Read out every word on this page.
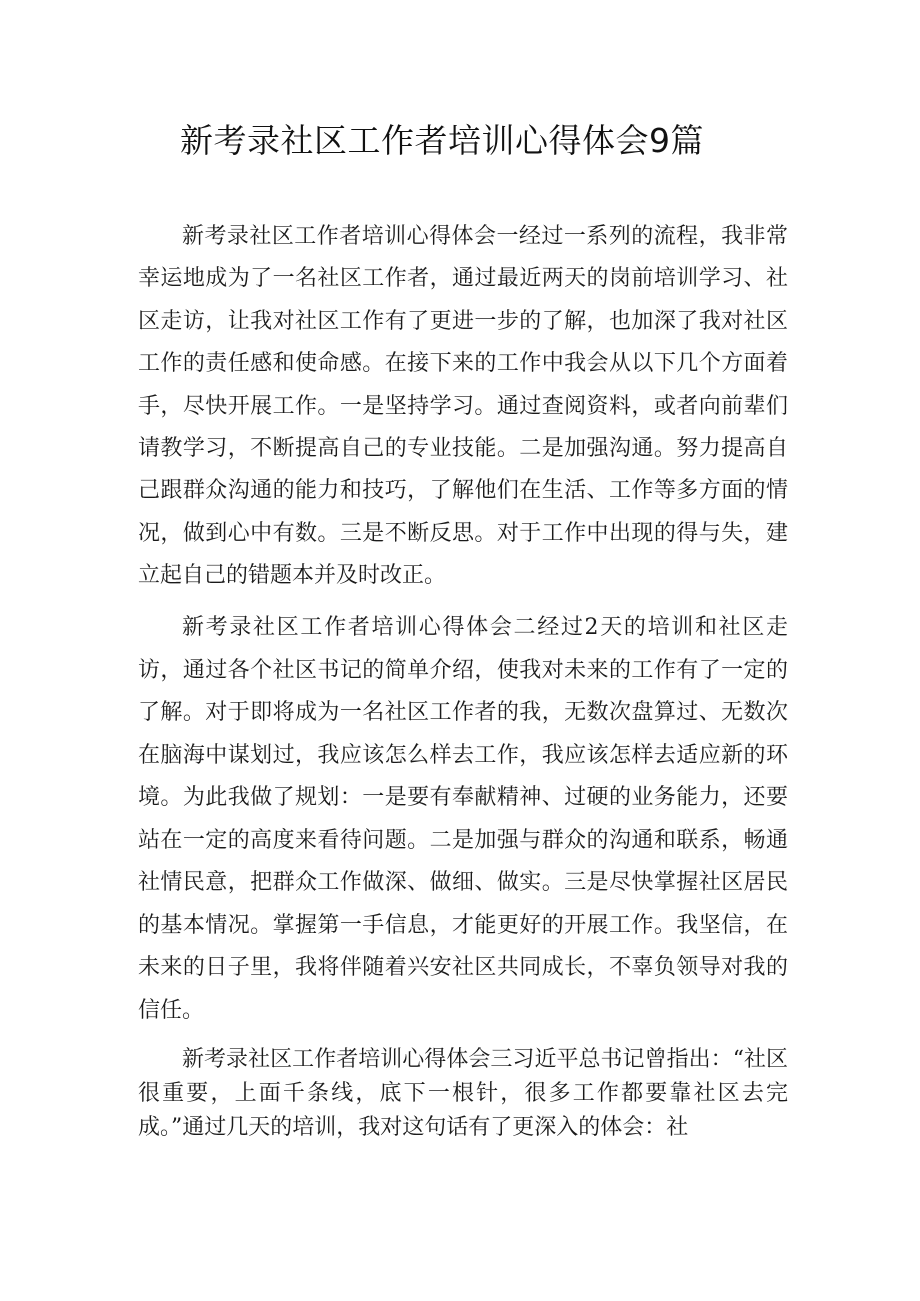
新考录社区工作者培训心得体会9篇

新考录社区工作者培训心得体会一经过一系列的流程，我非常幸运地成为了一名社区工作者，通过最近两天的岗前培训学习、社区走访，让我对社区工作有了更进一步的了解，也加深了我对社区工作的责任感和使命感。在接下来的工作中我会从以下几个方面着手，尽快开展工作。一是坚持学习。通过查阅资料，或者向前辈们请教学习，不断提高自己的专业技能。二是加强沟通。努力提高自己跟群众沟通的能力和技巧，了解他们在生活、工作等多方面的情况，做到心中有数。三是不断反思。对于工作中出现的得与失，建立起自己的错题本并及时改正。

新考录社区工作者培训心得体会二经过2天的培训和社区走访，通过各个社区书记的简单介绍，使我对未来的工作有了一定的了解。对于即将成为一名社区工作者的我，无数次盘算过、无数次在脑海中谋划过，我应该怎么样去工作，我应该怎样去适应新的环境。为此我做了规划：一是要有奉献精神、过硬的业务能力，还要站在一定的高度来看待问题。二是加强与群众的沟通和联系，畅通社情民意，把群众工作做深、做细、做实。三是尽快掌握社区居民的基本情况。掌握第一手信息，才能更好的开展工作。我坚信，在未来的日子里，我将伴随着兴安社区共同成长，不辜负领导对我的信任。

新考录社区工作者培训心得体会三习近平总书记曾指出：“社区很重要，上面千条线，底下一根针，很多工作都要靠社区去完成。”通过几天的培训，我对这句话有了更深入的体会：社
